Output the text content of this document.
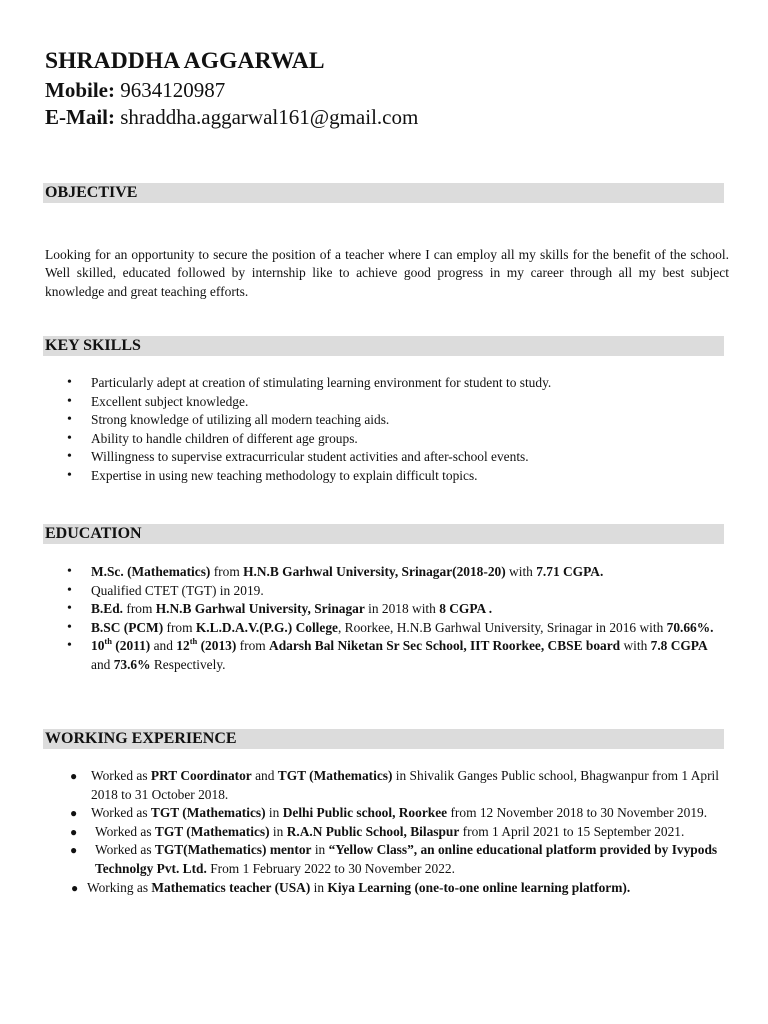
SHRADDHA AGGARWAL
Mobile: 9634120987
E-Mail: shraddha.aggarwal161@gmail.com
OBJECTIVE
Looking for an opportunity to secure the position of a teacher where I can employ all my skills for the benefit of the school. Well skilled, educated followed by internship like to achieve good progress in my career through all my best subject knowledge and great teaching efforts.
KEY SKILLS
• Particularly adept at creation of stimulating learning environment for student to study.
• Excellent subject knowledge.
• Strong knowledge of utilizing all modern teaching aids.
• Ability to handle children of different age groups.
• Willingness to supervise extracurricular student activities and after-school events.
• Expertise in using new teaching methodology to explain difficult topics.
EDUCATION
• M.Sc. (Mathematics) from H.N.B Garhwal University, Srinagar(2018-20) with 7.71 CGPA.
• Qualified CTET (TGT) in 2019.
• B.Ed. from H.N.B Garhwal University, Srinagar in 2018 with 8 CGPA .
• B.SC (PCM) from K.L.D.A.V.(P.G.) College, Roorkee, H.N.B Garhwal University, Srinagar in 2016 with 70.66%.
• 10th (2011) and 12th (2013) from Adarsh Bal Niketan Sr Sec School, IIT Roorkee, CBSE board with 7.8 CGPA and 73.6% Respectively.
WORKING EXPERIENCE
● Worked as PRT Coordinator and TGT (Mathematics) in Shivalik Ganges Public school, Bhagwanpur from 1 April 2018 to 31 October 2018.
● Worked as TGT (Mathematics) in Delhi Public school, Roorkee from 12 November 2018 to 30 November 2019.
● Worked as TGT (Mathematics) in R.A.N Public School, Bilaspur from 1 April 2021 to 15 September 2021.
● Worked as TGT(Mathematics) mentor in “Yellow Class”, an online educational platform provided by Ivypods Technolgy Pvt. Ltd. From 1 February 2022 to 30 November 2022.
● Working as Mathematics teacher (USA) in Kiya Learning (one-to-one online learning platform).
